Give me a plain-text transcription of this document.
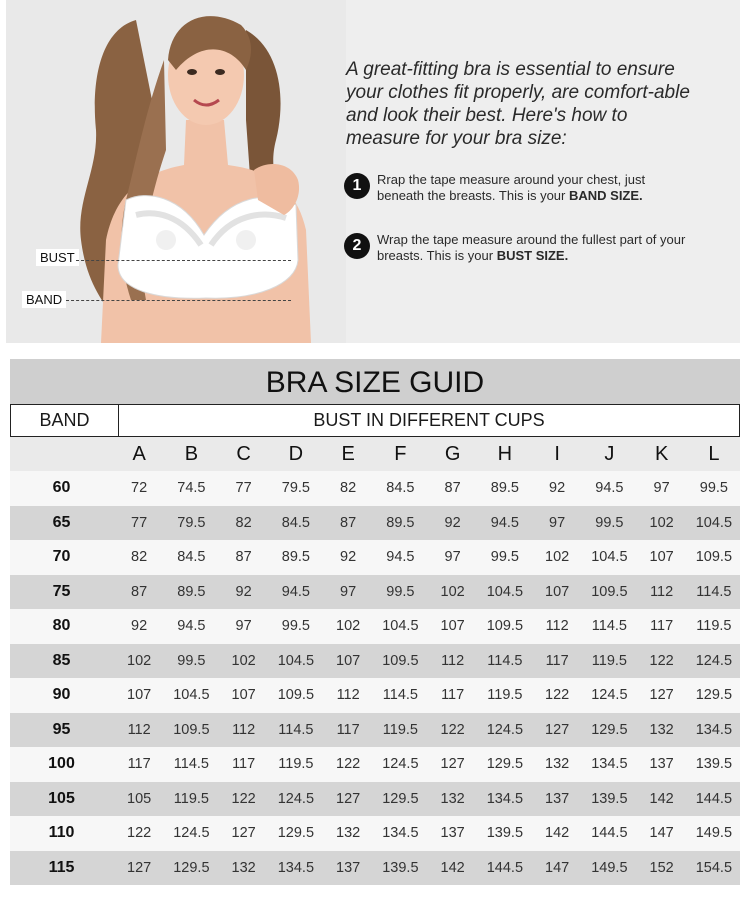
BUST
BAND

A great-fitting bra is essential to ensure your clothes fit properly, are comfort-able and look their best. Here's how to measure for your bra size:

1	Rrap the tape measure around your chest, just beneath the breasts. This is your BAND SIZE.
2	Wrap the tape measure around the fullest part of your breasts. This is your BUST SIZE.
BRA SIZE GUID
BAND	BUST IN DIFFERENT CUPS
	A	B	C	D	E	F	G	H	I	J	K	L
60	72	74.5	77	79.5	82	84.5	87	89.5	92	94.5	97	99.5
65	77	79.5	82	84.5	87	89.5	92	94.5	97	99.5	102	104.5
70	82	84.5	87	89.5	92	94.5	97	99.5	102	104.5	107	109.5
75	87	89.5	92	94.5	97	99.5	102	104.5	107	109.5	112	114.5
80	92	94.5	97	99.5	102	104.5	107	109.5	112	114.5	117	119.5
85	102	99.5	102	104.5	107	109.5	112	114.5	117	119.5	122	124.5
90	107	104.5	107	109.5	112	114.5	117	119.5	122	124.5	127	129.5
95	112	109.5	112	114.5	117	119.5	122	124.5	127	129.5	132	134.5
100	117	114.5	117	119.5	122	124.5	127	129.5	132	134.5	137	139.5
105	105	119.5	122	124.5	127	129.5	132	134.5	137	139.5	142	144.5
110	122	124.5	127	129.5	132	134.5	137	139.5	142	144.5	147	149.5
115	127	129.5	132	134.5	137	139.5	142	144.5	147	149.5	152	154.5
